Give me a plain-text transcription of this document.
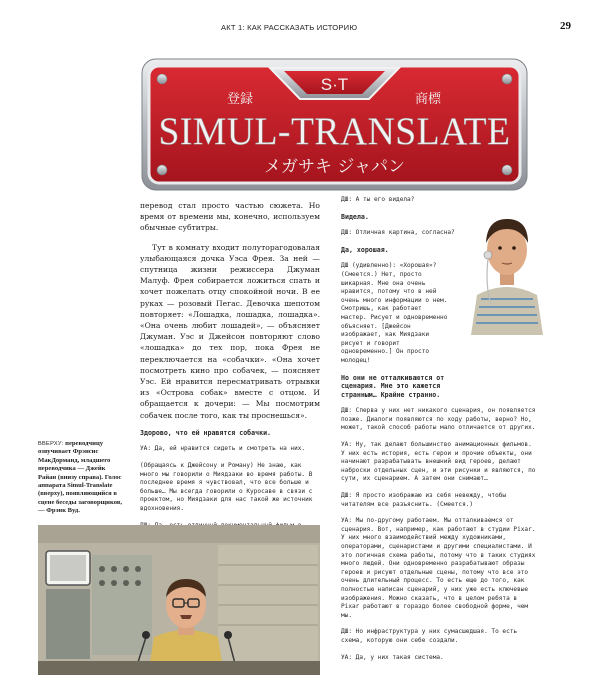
АКТ 1: КАК РАССКАЗАТЬ ИСТОРИЮ	29
S·T
登録	商標
SIMUL-TRANSLATE
メガサキ ジャパン

перевод стал просто частью сюжета. Но время от времени мы, конечно, используем обычные субтитры.

Тут в комнату входит полуторагодовалая улыбающаяся дочка Уэса Фрея. За ней — спутница жизни режиссера Джуман Малуф. Фрея собирается ложиться спать и хочет пожелать отцу спокойной ночи. В ее руках — розовый Пегас. Девочка шепотом повторяет: «Лошадка, лошадка, лошадка». «Она очень любит лошадей», — объясняет Джуман. Уэс и Джейсон повторяют слово «лошадка» до тех пор, пока Фрея не переключается на «собачки». «Она хочет посмотреть кино про собачек, — поясняет Уэс. Ей нравится пересматривать отрывки из «Острова собак» вместе с отцом. И обращается к дочери: — Мы посмотрим собачек после того, как ты проснешься».

Здорово, что ей нравятся собачки.

УА: Да, ей нравится сидеть и смотреть на них.

(Обращаясь к Джейсону и Роману) Не знаю, как много мы говорили о Миядзаки во время работы. В последнее время я чувствовал, что все больше и больше… Мы всегда говорили о Куросаве в связи с проектом, но Миядзаки для нас такой же источник вдохновения.

ДШ: А ты его видела?

Видела.

ДШ: Отличная картина, согласна?

Да, хорошая.

ДШ (удивленно): «Хорошая»? (Смеется.) Нет, просто шикарная. Мне она очень нравится, потому что в ней очень много информации о нем. Смотришь, как работает мастер. Рисует и одновременно объясняет. [Джейсон изображает, как Миядзаки рисует и говорит одновременно.] Он просто молодец!

Но они не отталкиваются от сценария. Мне это кажется странным… Крайне странно.

ДШ: Сперва у них нет никакого сценария, он появляется позже. Диалоги появляются по ходу работы, верно? Но, может, такой способ работы мало отличается от других.

УА: Ну, так делают большинство анимационных фильмов. У них есть история, есть герои и прочие объекты, они начинают разрабатывать внешний вид героев, делают наброски отдельных сцен, и эти рисунки и являются, по сути, их сценарием. А затем они снимают…

ДШ: Я просто изображаю из себя невежду, чтобы читателям все разъяснить. (Смеется.)

УА: Мы по-другому работаем. Мы отталкиваемся от сценария. Вот, например, как работают в студии Pixar. У них много взаимодействий между художниками, операторами, сценаристами и другими специалистами. И это логичная схема работы, потому что в таких студиях много людей. Они одновременно разрабатывают образы героев и рисуют отдельные сцены, потому что все это очень длительный процесс. То есть еще до того, как полностью написан сценарий, у них уже есть ключевые изображения. Можно сказать, что в целом ребята в Pixar работают в гораздо более свободной форме, чем мы.

ДШ: Но инфраструктура у них сумасшедшая. То есть схема, которую они себе создали.

УА: Да, у них такая система.

ВВЕРХУ: переводчицу озвучивает Фрэнсис МакДорманд, младшего переводчика — Джейк Райан (внизу справа). Голос аппарата Simul-Translate (вверху), появляющийся в сцене беседы заговорщиков, — Фрэнк Вуд.
